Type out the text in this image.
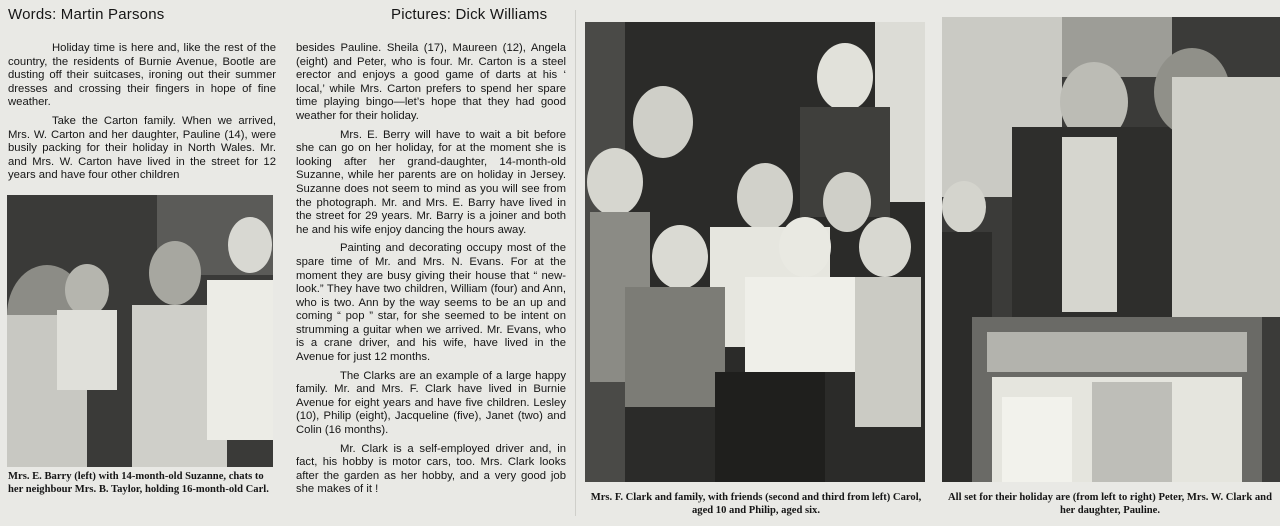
Words: Martin Parsons	Pictures: Dick Williams

Holiday time is here and, like the rest of the country, the residents of Burnie Avenue, Bootle are dusting off their suitcases, ironing out their summer dresses and crossing their fingers in hope of fine weather.

Take the Carton family. When we arrived, Mrs. W. Carton and her daughter, Pauline (14), were busily packing for their holiday in North Wales. Mr. and Mrs. W. Carton have lived in the street for 12 years and have four other children

Mrs. E. Barry (left) with 14-month-old Suzanne, chats to her neighbour Mrs. B. Taylor, holding 16-month-old Carl.

besides Pauline. Sheila (17), Maureen (12), Angela (eight) and Peter, who is four. Mr. Carton is a steel erector and enjoys a good game of darts at his ‘ local,’ while Mrs. Carton prefers to spend her spare time playing bingo—let’s hope that they had good weather for their holiday.

Mrs. E. Berry will have to wait a bit before she can go on her holiday, for at the moment she is looking after her grand-daughter, 14-month-old Suzanne, while her parents are on holiday in Jersey. Suzanne does not seem to mind as you will see from the photograph. Mr. and Mrs. E. Barry have lived in the street for 29 years. Mr. Barry is a joiner and both he and his wife enjoy dancing the hours away.

Painting and decorating occupy most of the spare time of Mr. and Mrs. N. Evans. For at the moment they are busy giving their house that “ new-look.” They have two children, William (four) and Ann, who is two. Ann by the way seems to be an up and coming “ pop ” star, for she seemed to be intent on strumming a guitar when we arrived. Mr. Evans, who is a crane driver, and his wife, have lived in the Avenue for just 12 months.

The Clarks are an example of a large happy family. Mr. and Mrs. F. Clark have lived in Burnie Avenue for eight years and have five children. Lesley (10), Philip (eight), Jacqueline (five), Janet (two) and Colin (16 months).

Mr. Clark is a self-employed driver and, in fact, his hobby is motor cars, too. Mrs. Clark looks after the garden as her hobby, and a very good job she makes of it !

Mrs. F. Clark and family, with friends (second and third from left) Carol, aged 10 and Philip, aged six.
All set for their holiday are (from left to right) Peter, Mrs. W. Clark and her daughter, Pauline.
